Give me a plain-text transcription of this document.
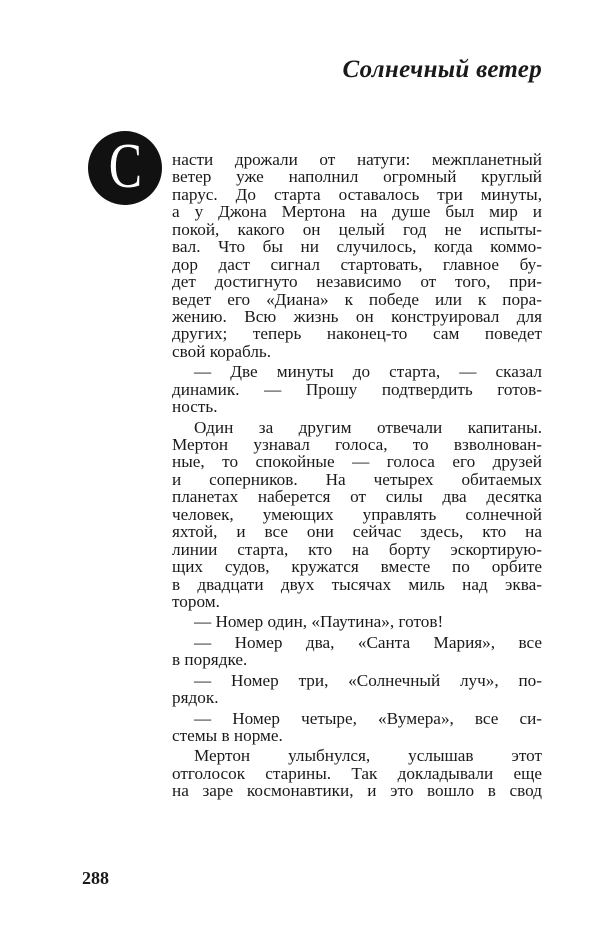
Солнечный ветер
С насти дрожали от натуги: межпланетный
ветер уже наполнил огромный круглый
парус. До старта оставалось три минуты,
а у Джона Мертона на душе был мир и
покой, какого он целый год не испыты-
вал. Что бы ни случилось, когда коммо-
дор даст сигнал стартовать, главное бу-
дет достигнуто независимо от того, при-
ведет его «Диана» к победе или к пора-
жению. Всю жизнь он конструировал для
других; теперь наконец-то сам поведет
свой корабль.
— Две минуты до старта, — сказал
динамик. — Прошу подтвердить готов-
ность.
Один за другим отвечали капитаны.
Мертон узнавал голоса, то взволнован-
ные, то спокойные — голоса его друзей
и соперников. На четырех обитаемых
планетах наберется от силы два десятка
человек, умеющих управлять солнечной
яхтой, и все они сейчас здесь, кто на
линии старта, кто на борту эскортирую-
щих судов, кружатся вместе по орбите
в двадцати двух тысячах миль над эква-
тором.
— Номер один, «Паутина», готов!
— Номер два, «Санта Мария», все
в порядке.
— Номер три, «Солнечный луч», по-
рядок.
— Номер четыре, «Вумера», все си-
стемы в норме.
Мертон улыбнулся, услышав этот
отголосок старины. Так докладывали еще
на заре космонавтики, и это вошло в свод
288
